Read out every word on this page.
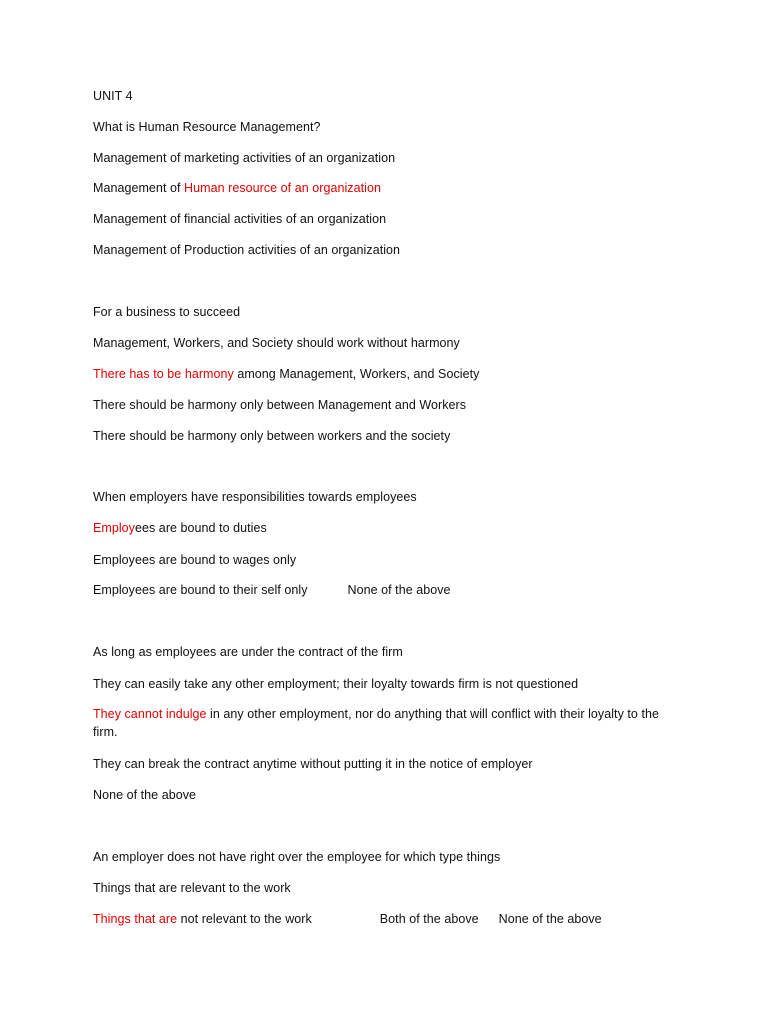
UNIT 4
What is Human Resource Management?
Management of marketing activities of an organization
Management of Human resource of an organization
Management of financial activities of an organization
Management of Production activities of an organization
For a business to succeed
Management, Workers, and Society should work without harmony
There has to be harmony among Management, Workers, and Society
There should be harmony only between Management and Workers
There should be harmony only between workers and the society
When employers have responsibilities towards employees
Employees are bound to duties
Employees are bound to wages only
Employees are bound to their self only	None of the above
As long as employees are under the contract of the firm
They can easily take any other employment; their loyalty towards firm is not questioned
They cannot indulge in any other employment, nor do anything that will conflict with their loyalty to the firm.
They can break the contract anytime without putting it in the notice of employer
None of the above
An employer does not have right over the employee for which type things
Things that are relevant to the work
Things that are not relevant to the work	Both of the above None of the above
